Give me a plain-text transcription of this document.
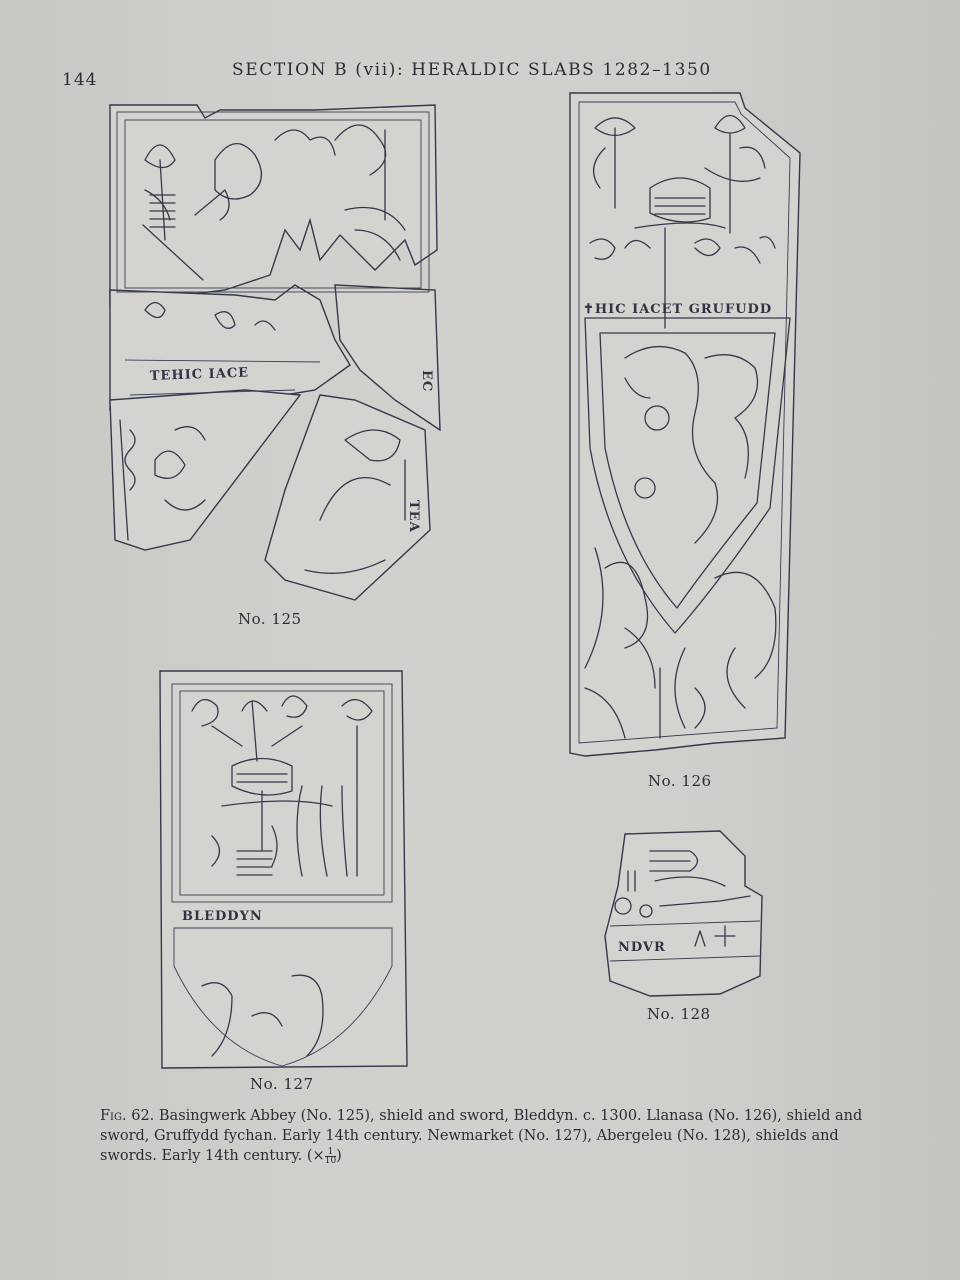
144	SECTION B (vii): HERALDIC SLABS 1282–1350
TEHIC IACE
TEA
EC
No. 125
✝HIC IACET GRUFUDD
No. 126
BLEDDYN
No. 127
NDVR
No. 128
Fig. 62. Basingwerk Abbey (No. 125), shield and sword, Bleddyn. c. 1300. Llanasa (No. 126), shield and sword, Gruffydd fychan. Early 14th century. Newmarket (No. 127), Abergeleu (No. 128), shields and swords. Early 14th century. (× $\frac{1}{10}$ )
